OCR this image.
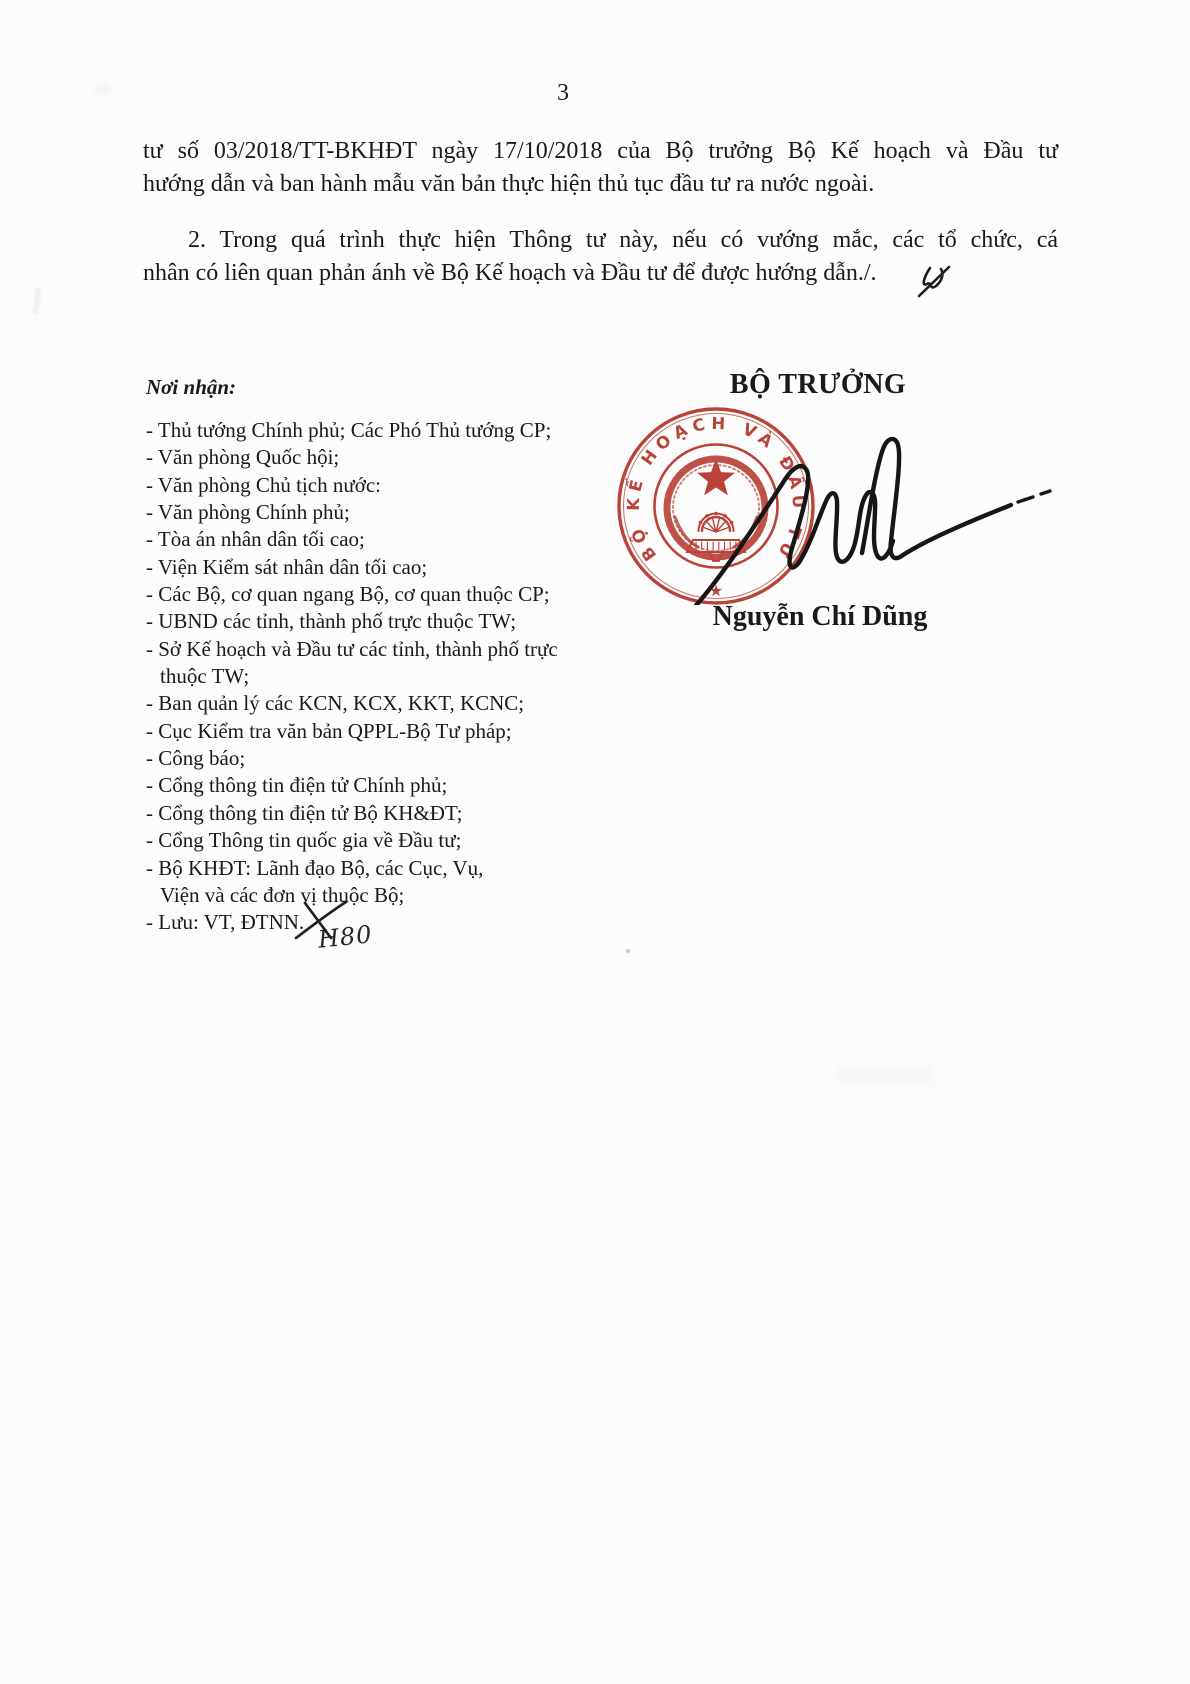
3
tư số 03/2018/TT-BKHĐT ngày 17/10/2018 của Bộ trưởng Bộ Kế hoạch và Đầu tư
hướng dẫn và ban hành mẫu văn bản thực hiện thủ tục đầu tư ra nước ngoài.
2. Trong quá trình thực hiện Thông tư này, nếu có vướng mắc, các tổ chức, cá
nhân có liên quan phản ánh về Bộ Kế hoạch và Đầu tư để được hướng dẫn./.
Nơi nhận:
- Thủ tướng Chính phủ; Các Phó Thủ tướng CP;
- Văn phòng Quốc hội;
- Văn phòng Chủ tịch nước:
- Văn phòng Chính phủ;
- Tòa án nhân dân tối cao;
- Viện Kiểm sát nhân dân tối cao;
- Các Bộ, cơ quan ngang Bộ, cơ quan thuộc CP;
- UBND các tỉnh, thành phố trực thuộc TW;
- Sở Kế hoạch và Đầu tư các tỉnh, thành phố trực
thuộc TW;
- Ban quản lý các KCN, KCX, KKT, KCNC;
- Cục Kiểm tra văn bản QPPL-Bộ Tư pháp;
- Công báo;
- Cổng thông tin điện tử Chính phủ;
- Cổng thông tin điện tử Bộ KH&ĐT;
- Cổng Thông tin quốc gia về Đầu tư;
- Bộ KHĐT: Lãnh đạo Bộ, các Cục, Vụ,
Viện và các đơn vị thuộc Bộ;
- Lưu: VT, ĐTNN.
BỘ TRƯỞNG
BỘ KẾ HOẠCH VÀ ĐẦU TƯ
★
Nguyễn Chí Dũng
H80
